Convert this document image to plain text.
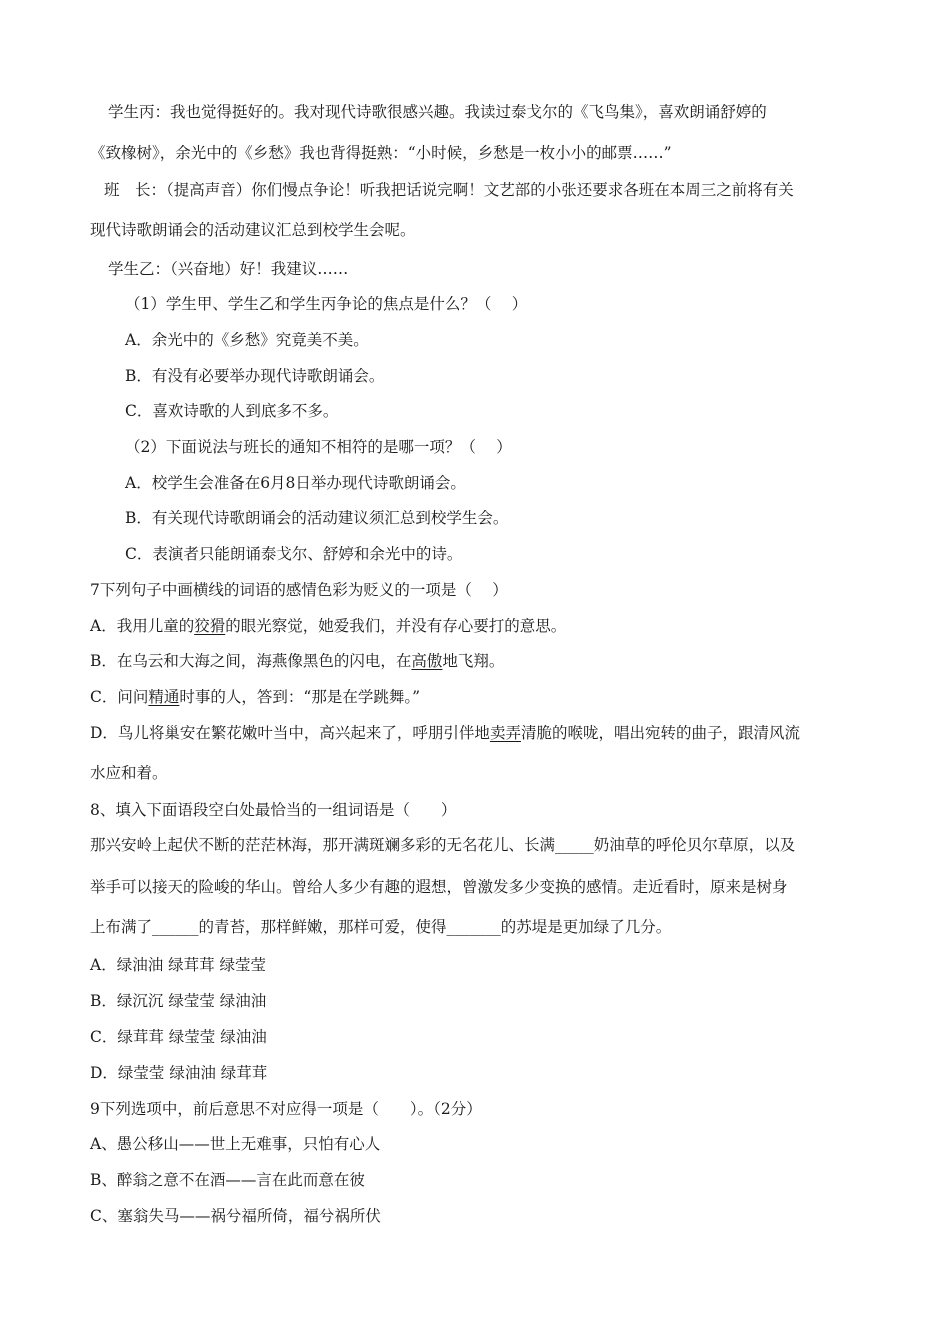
学生丙：我也觉得挺好的。我对现代诗歌很感兴趣。我读过泰戈尔的《飞鸟集》，喜欢朗诵舒婷的
《致橡树》，余光中的《乡愁》我也背得挺熟：“小时候，乡愁是一枚小小的邮票……”
班　长：（提高声音）你们慢点争论！听我把话说完啊！文艺部的小张还要求各班在本周三之前将有关
现代诗歌朗诵会的活动建议汇总到校学生会呢。
学生乙：（兴奋地）好！我建议……
（1）学生甲、学生乙和学生丙争论的焦点是什么？（　 ）
A．余光中的《乡愁》究竟美不美。
B．有没有必要举办现代诗歌朗诵会。
C．喜欢诗歌的人到底多不多。
（2）下面说法与班长的通知不相符的是哪一项？（　 ）
A．校学生会准备在6月8日举办现代诗歌朗诵会。
B．有关现代诗歌朗诵会的活动建议须汇总到校学生会。
C．表演者只能朗诵泰戈尔、舒婷和余光中的诗。
7下列句子中画横线的词语的感情色彩为贬义的一项是（　 ）
A．我用儿童的狡猾的眼光察觉，她爱我们，并没有存心要打的意思。
B．在乌云和大海之间，海燕像黑色的闪电，在高傲地飞翔。
C．问问精通时事的人，答到：“那是在学跳舞。”
D．鸟儿将巢安在繁花嫩叶当中，高兴起来了，呼朋引伴地卖弄清脆的喉咙，唱出宛转的曲子，跟清风流
水应和着。
8、填入下面语段空白处最恰当的一组词语是（　　）
那兴安岭上起伏不断的茫茫林海，那开满斑斓多彩的无名花儿、长满_____奶油草的呼伦贝尔草原，以及
举手可以接天的险峻的华山。曾给人多少有趣的遐想，曾激发多少变换的感情。走近看时，原来是树身
上布满了______的青苔，那样鲜嫩，那样可爱，使得_______的苏堤是更加绿了几分。
A．绿油油 绿茸茸 绿莹莹
B．绿沉沉 绿莹莹 绿油油
C．绿茸茸 绿莹莹 绿油油
D．绿莹莹 绿油油 绿茸茸
9下列选项中，前后意思不对应得一项是（　　）。（2分）
A、愚公移山——世上无难事，只怕有心人
B、醉翁之意不在酒——言在此而意在彼
C、塞翁失马——祸兮福所倚，福兮祸所伏
